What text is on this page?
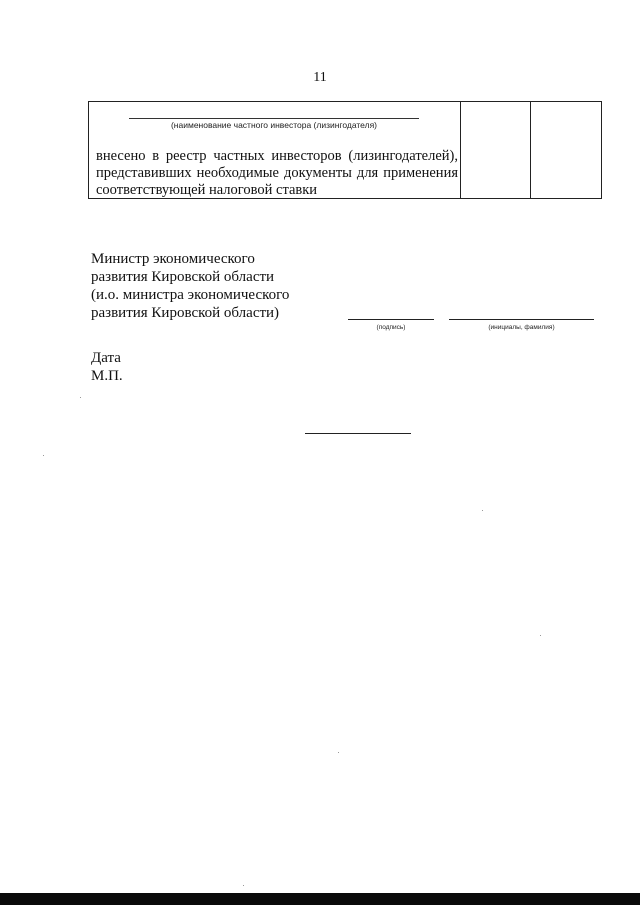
11
(наименование частного инвестора (лизингодателя)
внесено в реестр частных инвесторов (лизингодателей), представивших необходимые документы для применения соответствующей налоговой ставки
Министр экономического
развития Кировской области
(и.о. министра экономического
развития Кировской области)
(подпись)	(инициалы, фамилия)
Дата
М.П.
